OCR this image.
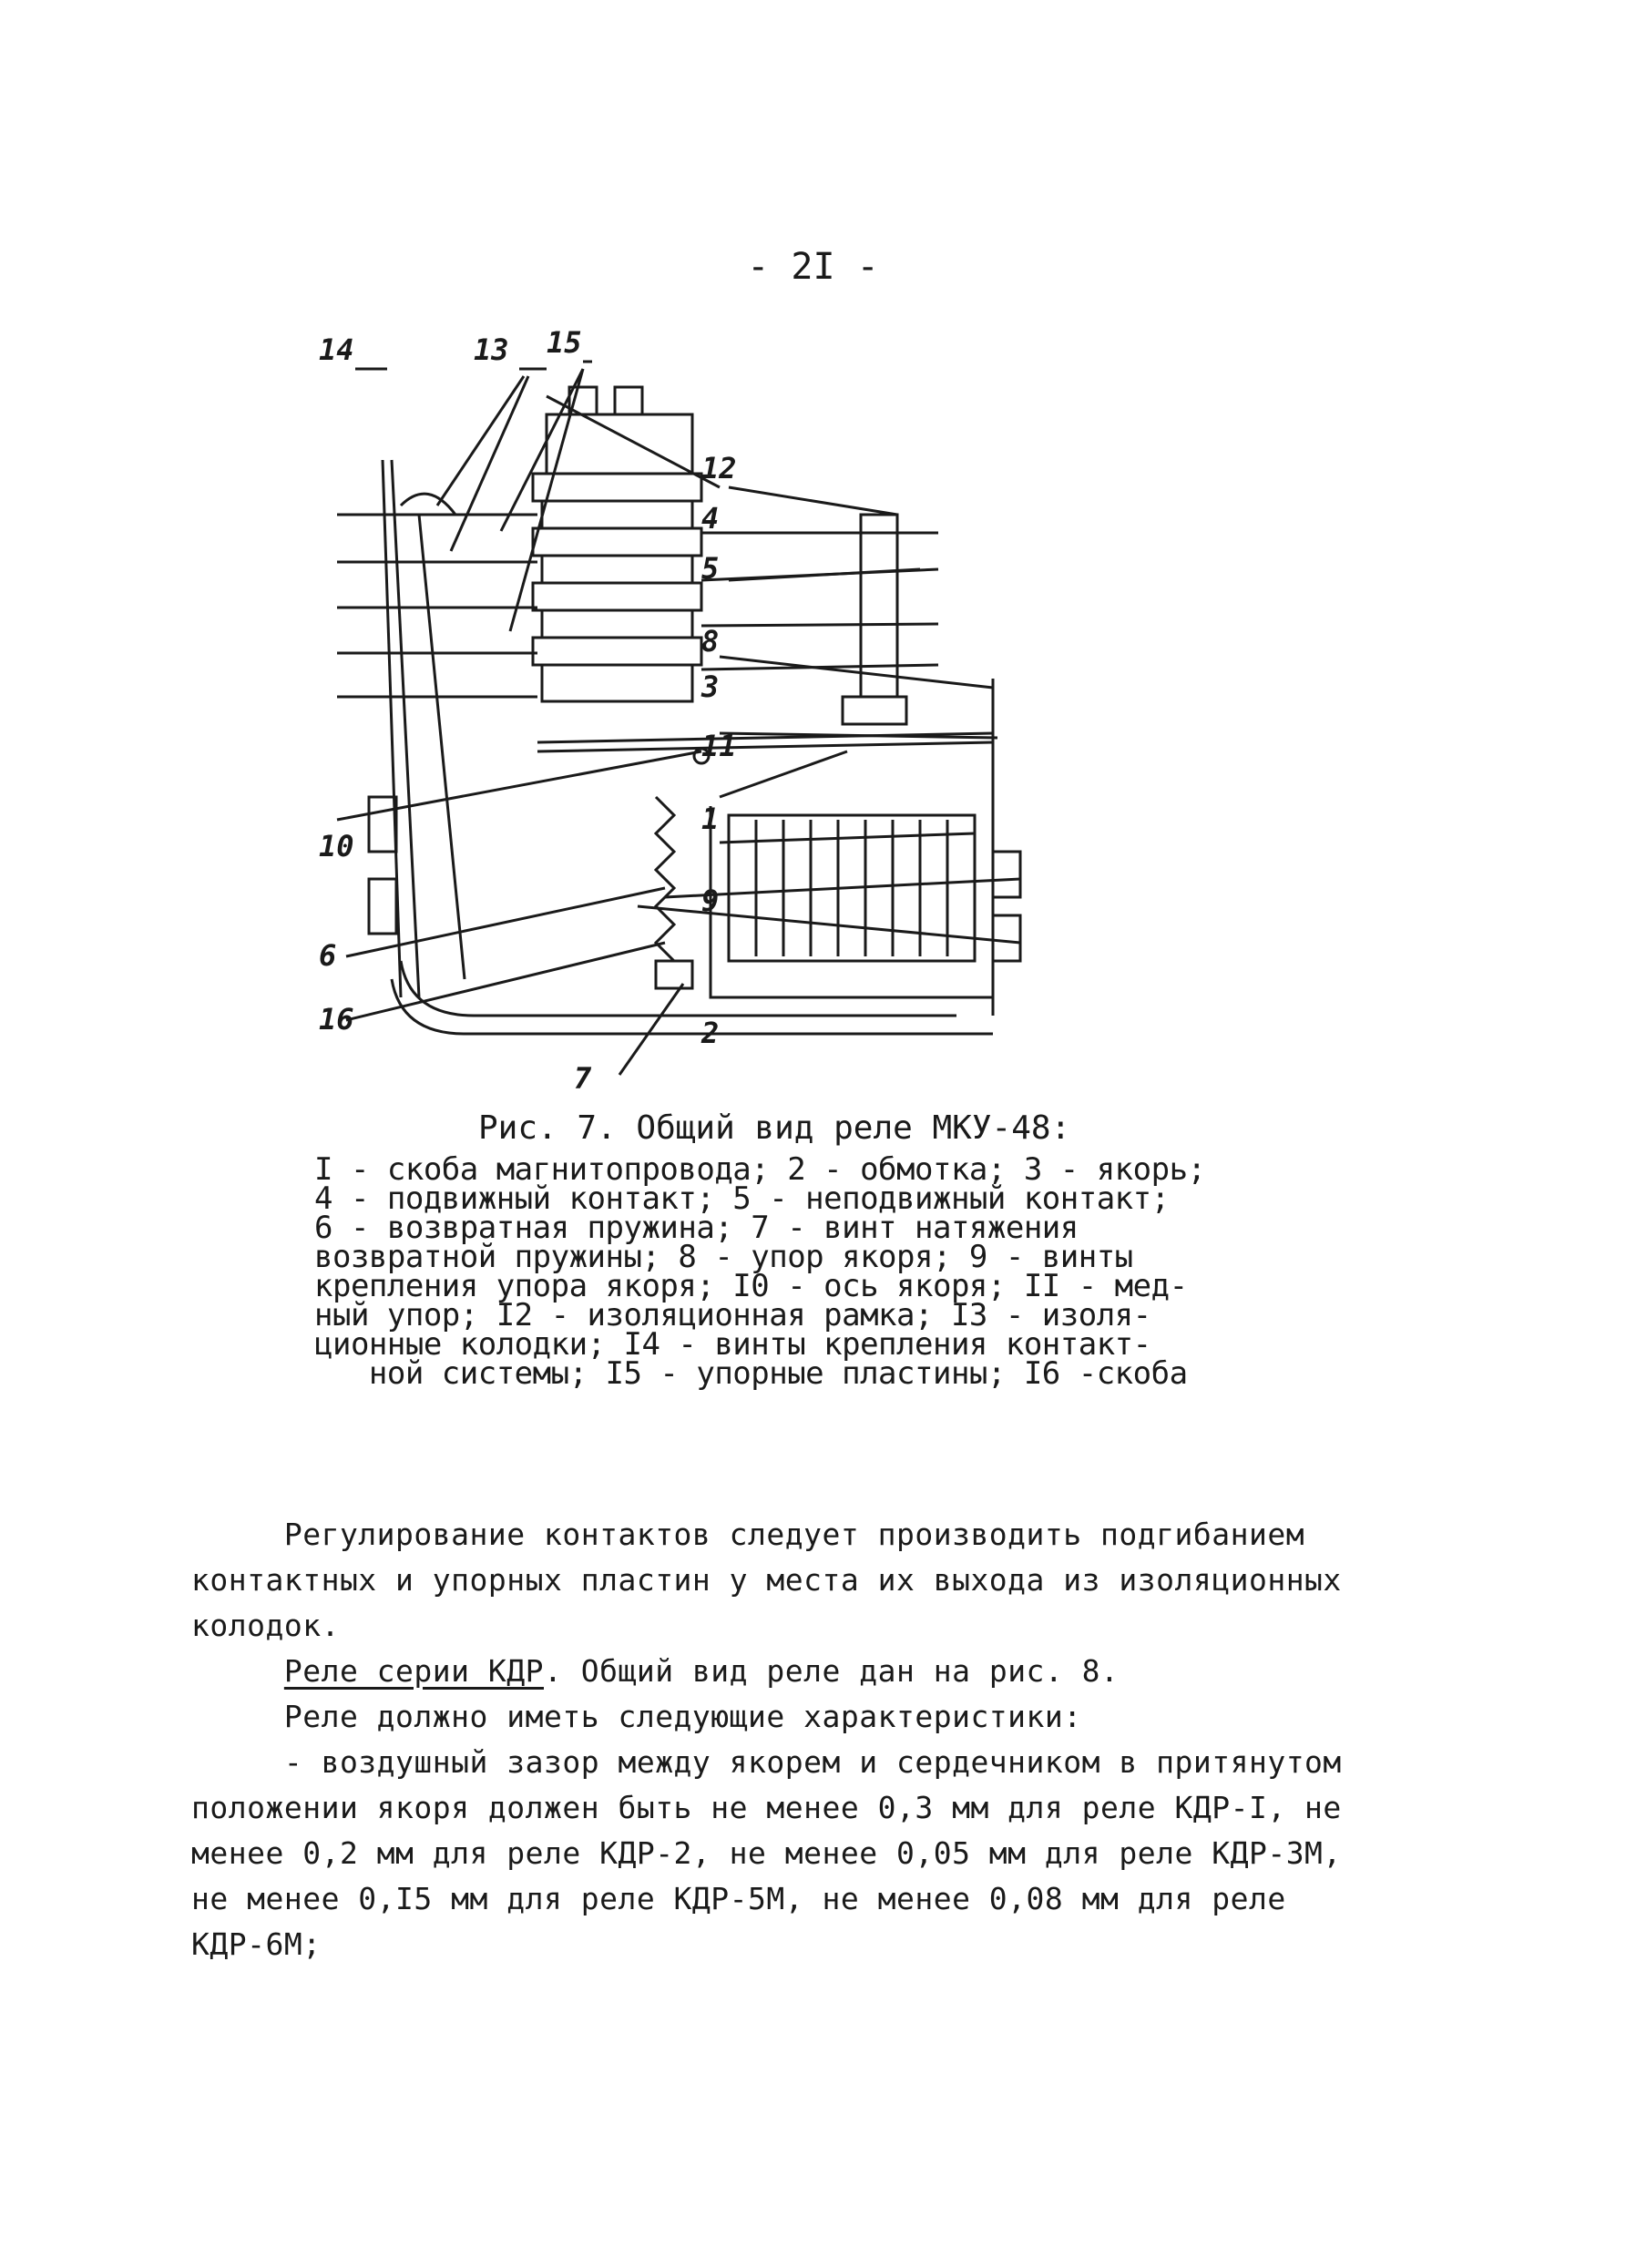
- 2I -
14	13 15
12
4
5
8
3
11
1
9
2
10
6
16
7
Рис. 7. Общий вид реле МКУ-48:
I - скоба магнитопровода; 2 - обмотка; 3 - якорь;
4 - подвижный контакт; 5 - неподвижный контакт;
6 - возвратная пружина; 7 - винт натяжения
возвратной пружины; 8 - упор якоря; 9 - винты
крепления упора якоря; I0 - ось якоря; II - мед-
ный упор; I2 - изоляционная рамка; I3 - изоля-
ционные колодки; I4 - винты крепления контакт-
ной системы; I5 - упорные пластины; I6 -скоба
Регулирование контактов следует производить подгибанием
контактных и упорных пластин у места их выхода из изоляционных
колодок.
Реле серии КДР. Общий вид реле дан на рис. 8.
Реле должно иметь следующие характеристики:
- воздушный зазор между якорем и сердечником в притянутом
положении якоря должен быть не менее 0,3 мм для реле КДР-I, не
менее 0,2 мм для реле КДР-2, не менее 0,05 мм для реле КДР-3М,
не менее 0,I5 мм для реле КДР-5М, не менее 0,08 мм для реле
КДР-6М;
